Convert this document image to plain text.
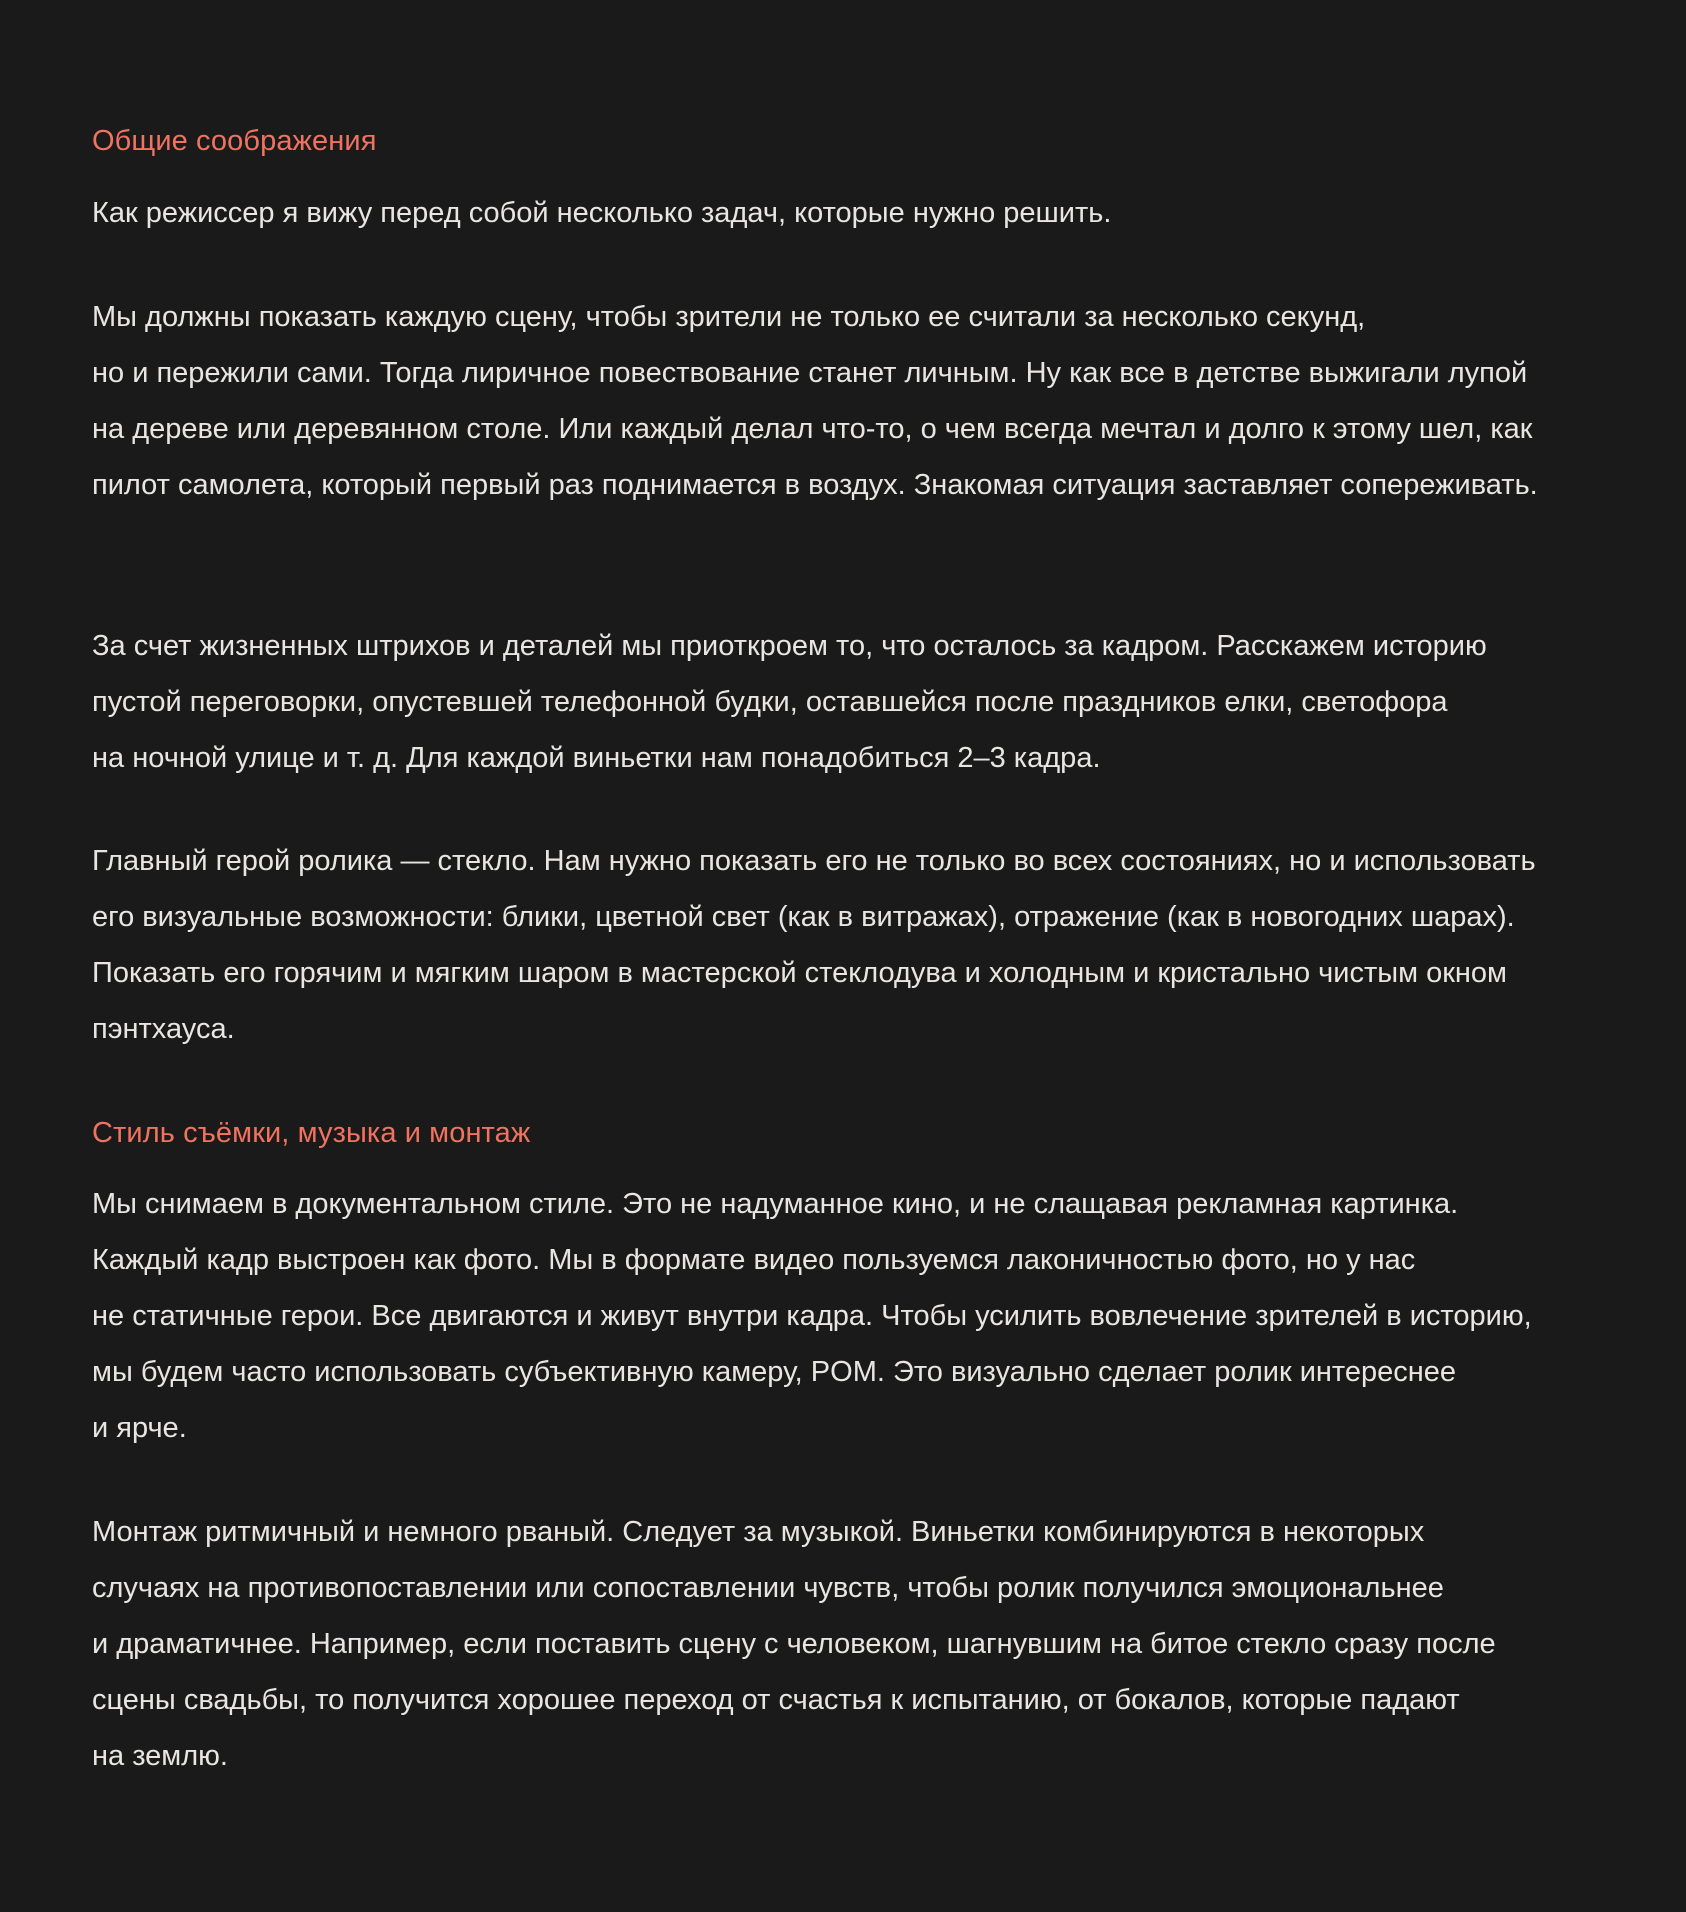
Общие соображения

Как режиссер я вижу перед собой несколько задач, которые нужно решить.

Мы должны показать каждую сцену, чтобы зрители не только ее считали за несколько секунд,
но и пережили сами. Тогда лиричное повествование станет личным. Ну как все в детстве выжигали лупой
на дереве или деревянном столе. Или каждый делал что-то, о чем всегда мечтал и долго к этому шел, как
пилот самолета, который первый раз поднимается в воздух. Знакомая ситуация заставляет сопереживать.

За счет жизненных штрихов и деталей мы приоткроем то, что осталось за кадром. Расскажем историю
пустой переговорки, опустевшей телефонной будки, оставшейся после праздников елки, светофора
на ночной улице и т. д. Для каждой виньетки нам понадобиться 2–3 кадра.

Главный герой ролика — стекло. Нам нужно показать его не только во всех состояниях, но и использовать
его визуальные возможности: блики, цветной свет (как в витражах), отражение (как в новогодних шарах).
Показать его горячим и мягким шаром в мастерской стеклодува и холодным и кристально чистым окном
пэнтхауса.

Стиль съёмки, музыка и монтаж

Мы снимаем в документальном стиле. Это не надуманное кино, и не слащавая рекламная картинка.
Каждый кадр выстроен как фото. Мы в формате видео пользуемся лаконичностью фото, но у нас
не статичные герои. Все двигаются и живут внутри кадра. Чтобы усилить вовлечение зрителей в историю,
мы будем часто использовать субъективную камеру, POM. Это визуально сделает ролик интереснее
и ярче.

Монтаж ритмичный и немного рваный. Следует за музыкой. Виньетки комбинируются в некоторых
случаях на противопоставлении или сопоставлении чувств, чтобы ролик получился эмоциональнее
и драматичнее. Например, если поставить сцену с человеком, шагнувшим на битое стекло сразу после
сцены свадьбы, то получится хорошее переход от счастья к испытанию, от бокалов, которые падают
на землю.
